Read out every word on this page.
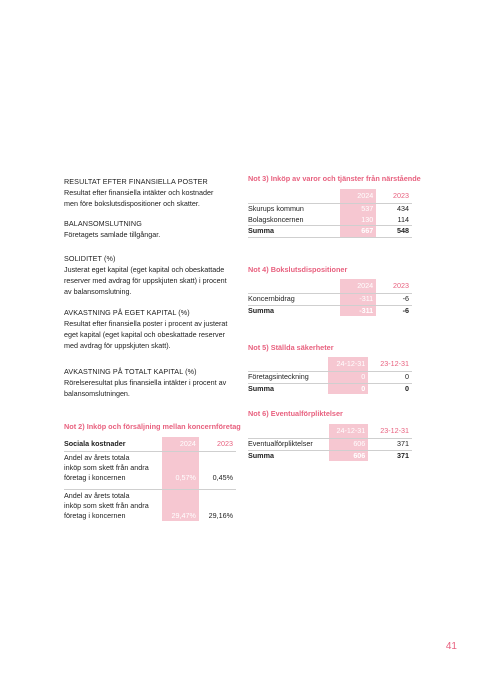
RESULTAT EFTER FINANSIELLA POSTER
Resultat efter finansiella intäkter och kostnader
men före bokslutsdispositioner och skatter.
BALANSOMSLUTNING
Företagets samlade tillgångar.
SOLIDITET (%)
Justerat eget kapital (eget kapital och obeskattade
reserver med avdrag för uppskjuten skatt) i procent
av balansomslutning.
AVKASTNING PÅ EGET KAPITAL (%)
Resultat efter finansiella poster i procent av justerat
eget kapital (eget kapital och obeskattade reserver
med avdrag för uppskjuten skatt).
AVKASTNING PÅ TOTALT KAPITAL (%)
Rörelseresultat plus finansiella intäkter i procent av
balansomslutningen.
Not 2) Inköp och försäljning mellan koncernföretag
Sociala kostnader	2024	2023

Andel av årets totala
inköp som skett från andra
företag i koncernen	0,57%	0,45%

Andel av årets totala
inköp som skett från andra
företag i koncernen	29,47%	29,16%
Not 3) Inköp av varor och tjänster från närstående
	2024	2023
Skurups kommun	537	434
Bolagskoncernen	130	114
Summa	667	548
Not 4) Bokslutsdispositioner
	2024	2023
Koncernbidrag	-311	-6
Summa	-311	-6
Not 5) Ställda säkerheter
	24-12-31	23-12-31
Företagsinteckning	0	0
Summa	0	0
Not 6) Eventualförpliktelser
	24-12-31	23-12-31
Eventualförpliktelser	606	371
Summa	606	371
41
